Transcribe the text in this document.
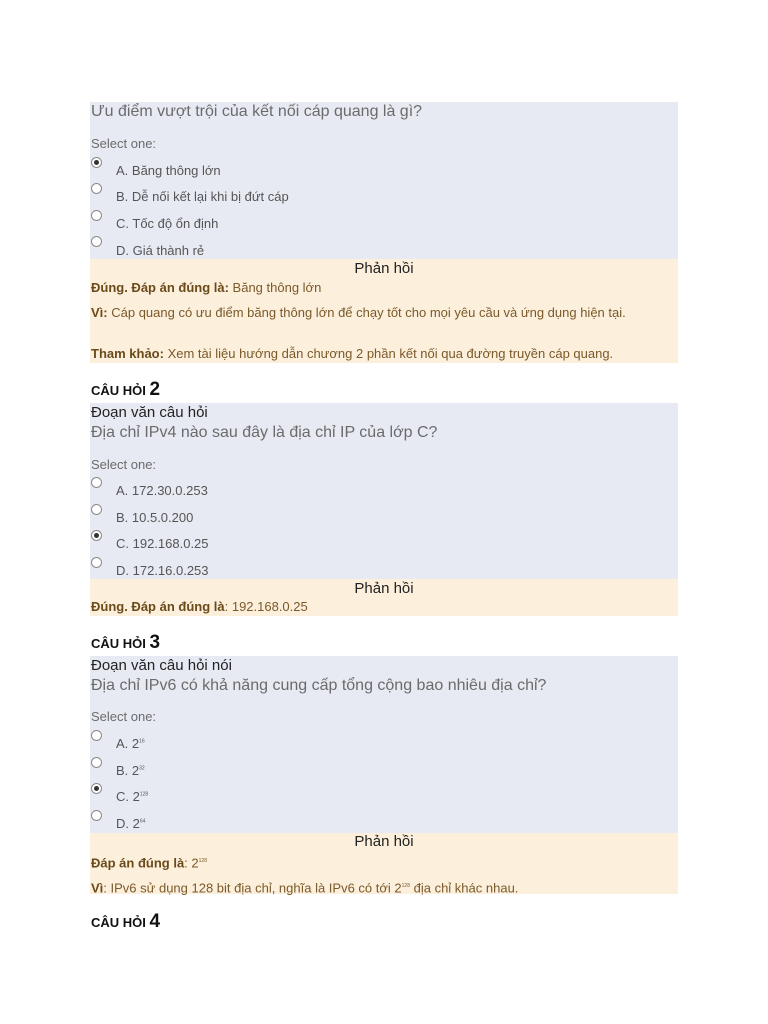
Ưu điểm vượt trội của kết nối cáp quang là gì?
Select one:
A. Băng thông lớn
B. Dễ nối kết lại khi bị đứt cáp
C. Tốc độ ổn định
D. Giá thành rẻ
Phản hồi
Đúng. Đáp án đúng là: Băng thông lớn
Vì: Cáp quang có ưu điểm băng thông lớn để chạy tốt cho mọi yêu cầu và ứng dụng hiện tại.
Tham khảo: Xem tài liệu hướng dẫn chương 2 phần kết nối qua đường truyền cáp quang.
CÂU HỎI 2
Đoạn văn câu hỏi
Địa chỉ IPv4 nào sau đây là địa chỉ IP của lớp C?
Select one:
A. 172.30.0.253
B. 10.5.0.200
C. 192.168.0.25
D. 172.16.0.253
Phản hồi
Đúng. Đáp án đúng là: 192.168.0.25
CÂU HỎI 3
Đoạn văn câu hỏi nói
Địa chỉ IPv6 có khả năng cung cấp tổng cộng bao nhiêu địa chỉ?
Select one:
A. $2^{16}$
B. $2^{32}$
C. $2^{128}$
D. $2^{64}$
Phản hồi
Đáp án đúng là: $2^{128}$
Vì: IPv6 sử dụng 128 bit địa chỉ, nghĩa là IPv6 có tới $2^{128}$ địa chỉ khác nhau.
CÂU HỎI 4
